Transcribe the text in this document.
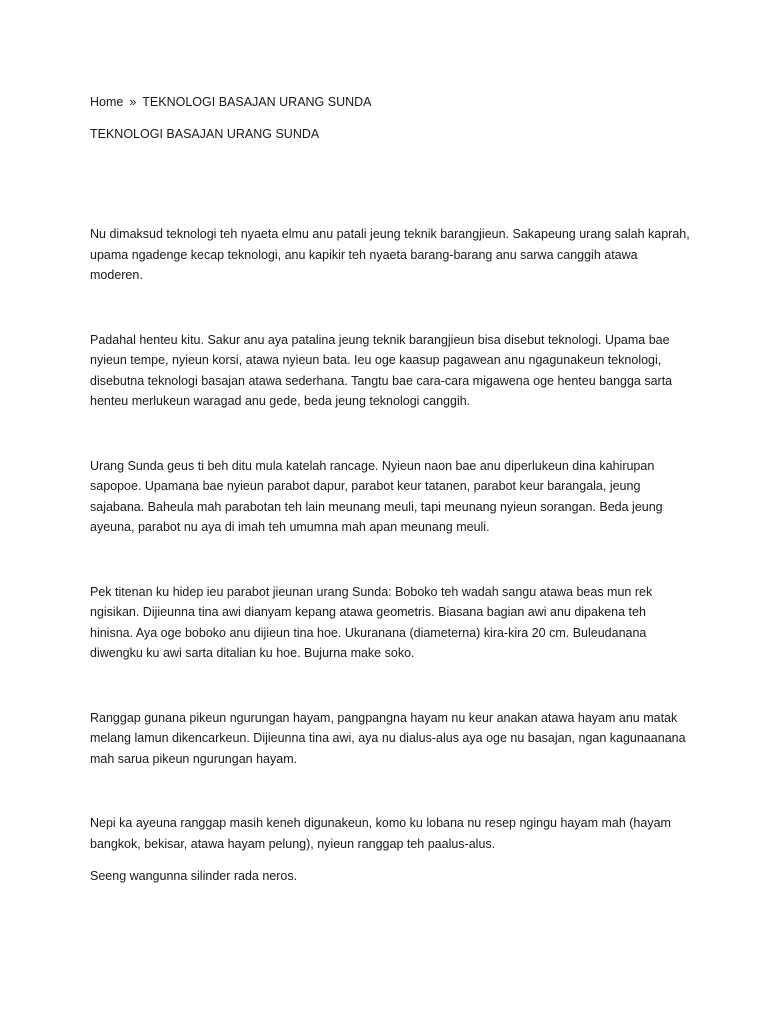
Home » TEKNOLOGI BASAJAN URANG SUNDA
TEKNOLOGI BASAJAN URANG SUNDA

Nu dimaksud teknologi teh nyaeta elmu anu patali jeung teknik barangjieun. Sakapeung urang salah kaprah, upama ngadenge kecap teknologi, anu kapikir teh nyaeta barang-barang anu sarwa canggih atawa moderen.

Padahal henteu kitu. Sakur anu aya patalina jeung teknik barangjieun bisa disebut teknologi. Upama bae nyieun tempe, nyieun korsi, atawa nyieun bata. Ieu oge kaasup pagawean anu ngagunakeun teknologi, disebutna teknologi basajan atawa sederhana. Tangtu bae cara-cara migawena oge henteu bangga sarta henteu merlukeun waragad anu gede, beda jeung teknologi canggih.

Urang Sunda geus ti beh ditu mula katelah rancage. Nyieun naon bae anu diperlukeun dina kahirupan sapopoe. Upamana bae nyieun parabot dapur, parabot keur tatanen, parabot keur barangala, jeung sajabana. Baheula mah parabotan teh lain meunang meuli, tapi meunang nyieun sorangan. Beda jeung ayeuna, parabot nu aya di imah teh umumna mah apan meunang meuli.

Pek titenan ku hidep ieu parabot jieunan urang Sunda: Boboko teh wadah sangu atawa beas mun rek ngisikan. Dijieunna tina awi dianyam kepang atawa geometris. Biasana bagian awi anu dipakena teh hinisna. Aya oge boboko anu dijieun tina hoe. Ukuranana (diameterna) kira-kira 20 cm. Buleudanana diwengku ku awi sarta ditalian ku hoe. Bujurna make soko.

Ranggap gunana pikeun ngurungan hayam, pangpangna hayam nu keur anakan atawa hayam anu matak melang lamun dikencarkeun. Dijieunna tina awi, aya nu dialus-alus aya oge nu basajan, ngan kagunaanana mah sarua pikeun ngurungan hayam.

Nepi ka ayeuna ranggap masih keneh digunakeun, komo ku lobana nu resep ngingu hayam mah (hayam bangkok, bekisar, atawa hayam pelung), nyieun ranggap teh paalus-alus.

Seeng wangunna silinder rada neros.
